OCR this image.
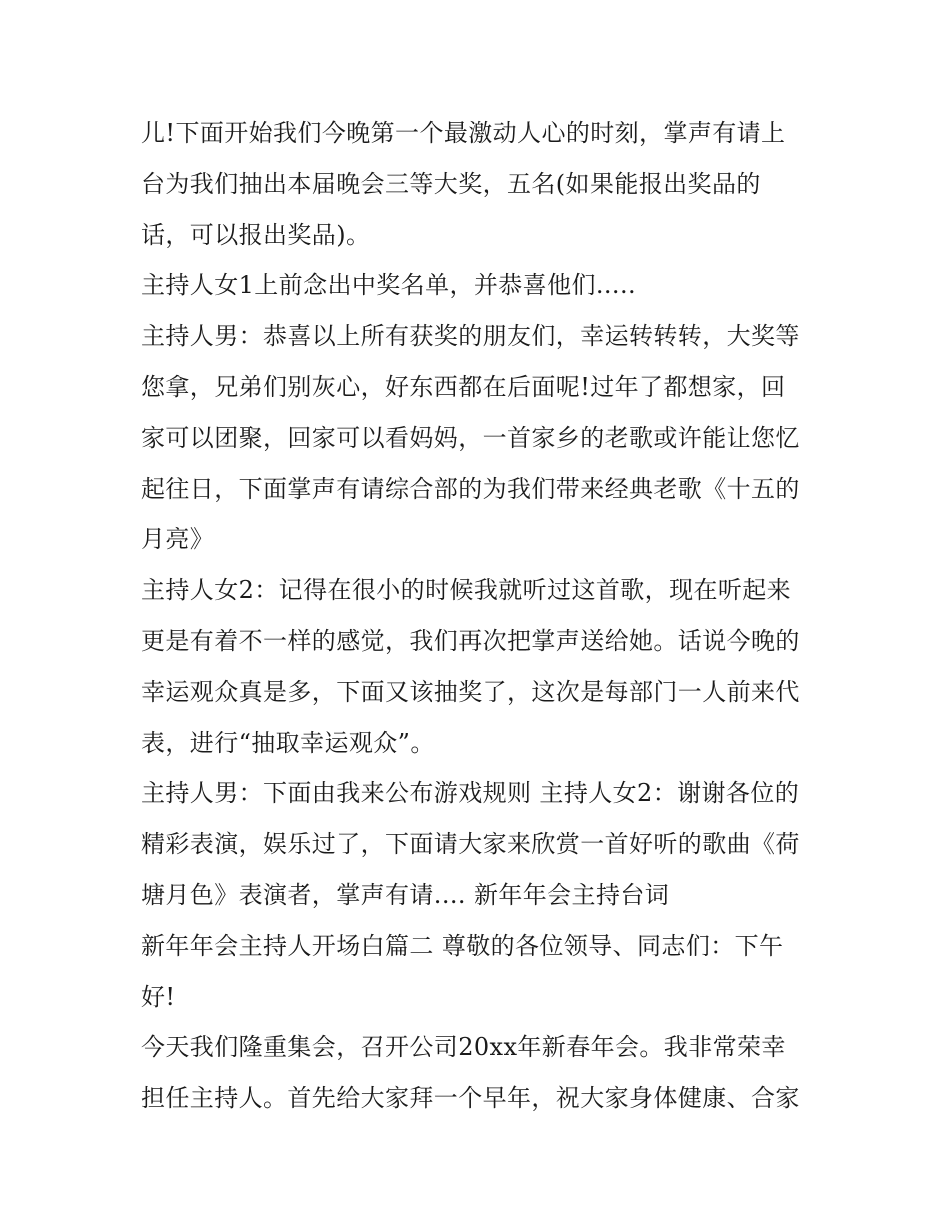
儿!下面开始我们今晚第一个最激动人心的时刻，掌声有请上
台为我们抽出本届晚会三等大奖，五名(如果能报出奖品的
话，可以报出奖品)。
主持人女1上前念出中奖名单，并恭喜他们.....
主持人男：恭喜以上所有获奖的朋友们，幸运转转转，大奖等
您拿，兄弟们别灰心，好东西都在后面呢!过年了都想家，回
家可以团聚，回家可以看妈妈，一首家乡的老歌或许能让您忆
起往日，下面掌声有请综合部的为我们带来经典老歌《十五的
月亮》
主持人女2：记得在很小的时候我就听过这首歌，现在听起来
更是有着不一样的感觉，我们再次把掌声送给她。话说今晚的
幸运观众真是多，下面又该抽奖了，这次是每部门一人前来代
表，进行“抽取幸运观众”。
主持人男：下面由我来公布游戏规则 主持人女2：谢谢各位的
精彩表演，娱乐过了，下面请大家来欣赏一首好听的歌曲《荷
塘月色》表演者，掌声有请.... 新年年会主持台词
新年年会主持人开场白篇二 尊敬的各位领导、同志们：下午
好!
今天我们隆重集会，召开公司20xx年新春年会。我非常荣幸
担任主持人。首先给大家拜一个早年，祝大家身体健康、合家
